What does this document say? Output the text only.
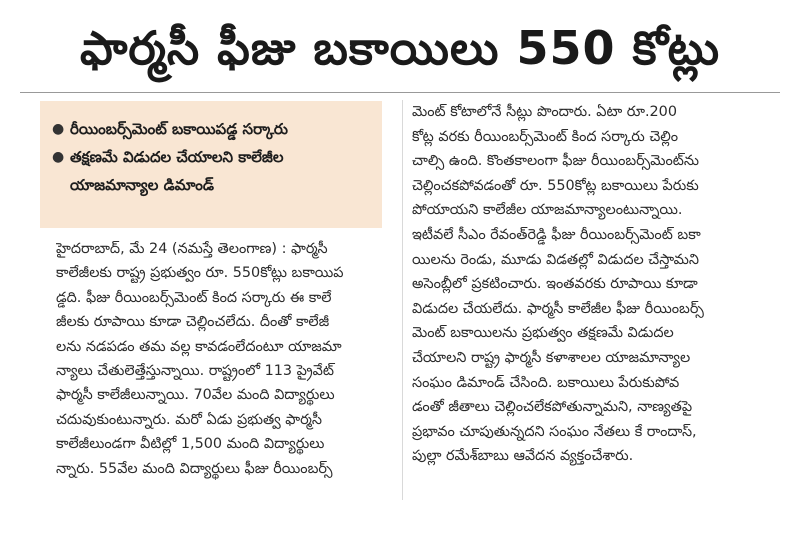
ఫార్మసీ ఫీజు బకాయిలు 550 కోట్లు
● రీయింబర్స్‌మెంట్ బకాయిపడ్డ సర్కారు
● తక్షణమే విడుదల చేయాలని కాలేజీల
యాజమాన్యాల డిమాండ్
హైదరాబాద్, మే 24 (నమస్తే తెలంగాణ) : ఫార్మసీ
కాలేజీలకు రాష్ట్ర ప్రభుత్వం రూ. 550కోట్లు బకాయిప
డ్డది. ఫీజు రీయింబర్స్‌మెంట్ కింద సర్కారు ఈ కాలే
జీలకు రూపాయి కూడా చెల్లించలేదు. దీంతో కాలేజీ
లను నడపడం తమ వల్ల కావడంలేదంటూ యాజమా
న్యాలు చేతులెత్తేస్తున్నాయి. రాష్ట్రంలో 113 ప్రైవేట్
ఫార్మసీ కాలేజీలున్నాయి. 70వేల మంది విద్యార్థులు
చదువుకుంటున్నారు. మరో ఏడు ప్రభుత్వ ఫార్మసీ
కాలేజీలుండగా వీటిల్లో 1,500 మంది విద్యార్థులు
న్నారు. 55వేల మంది విద్యార్థులు ఫీజు రీయింబర్స్
మెంట్ కోటాలోనే సీట్లు పొందారు. ఏటా రూ.200
కోట్ల వరకు రీయింబర్స్‌మెంట్ కింద సర్కారు చెల్లిం
చాల్సి ఉంది. కొంతకాలంగా ఫీజు రీయింబర్స్‌మెంట్‌ను
చెల్లించకపోవడంతో రూ. 550కోట్ల బకాయిలు పేరుకు
పోయాయని కాలేజీల యాజమాన్యాలంటున్నాయి.
ఇటీవలే సీఎం రేవంత్‌రెడ్డి ఫీజు రీయింబర్స్‌మెంట్ బకా
యిలను రెండు, మూడు విడతల్లో విడుదల చేస్తామని
అసెంబ్లీలో ప్రకటించారు. ఇంతవరకు రూపాయి కూడా
విడుదల చేయలేదు. ఫార్మసీ కాలేజీల ఫీజు రీయింబర్స్
మెంట్ బకాయిలను ప్రభుత్వం తక్షణమే విడుదల
చేయాలని రాష్ట్ర ఫార్మసీ కళాశాలల యాజమాన్యాల
సంఘం డిమాండ్ చేసింది. బకాయిలు పేరుకుపోవ
డంతో జీతాలు చెల్లించలేకపోతున్నామని, నాణ్యతపై
ప్రభావం చూపుతున్నదని సంఘం నేతలు కే రాందాస్,
పుల్లా రమేశ్‌బాబు ఆవేదన వ్యక్తంచేశారు.
